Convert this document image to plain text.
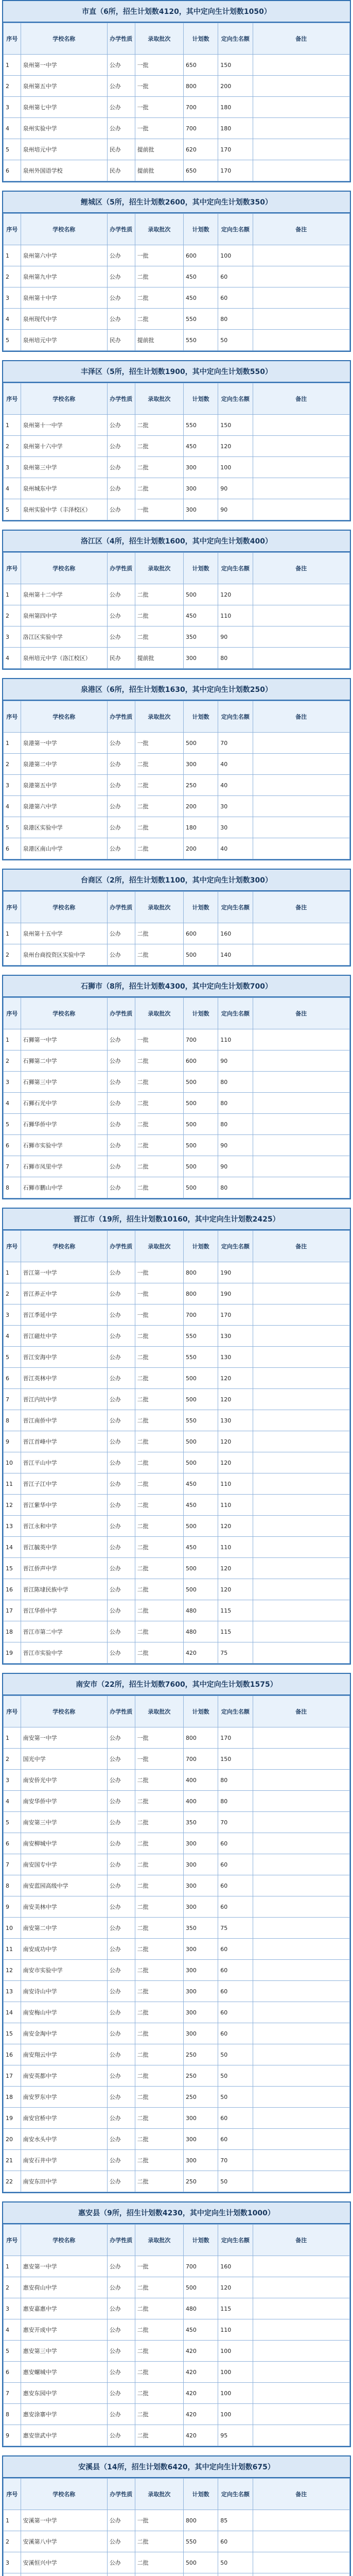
市直（6所，招生计划数4120，其中定向生计划数1050）
序号	学校名称	办学性质	录取批次	计划数	定向生名额	备注
1	泉州第一中学	公办	一批	650	150	
2	泉州第五中学	公办	一批	800	200	
3	泉州第七中学	公办	一批	700	180	
4	泉州实验中学	公办	一批	700	180	
5	泉州培元中学	民办	提前批	620	170	
6	泉州外国语学校	民办	提前批	650	170	
鲤城区（5所，招生计划数2600，其中定向生计划数350）
序号	学校名称	办学性质	录取批次	计划数	定向生名额	备注
1	泉州第六中学	公办	一批	600	100	
2	泉州第九中学	公办	二批	450	60	
3	泉州第十中学	公办	二批	450	60	
4	泉州现代中学	公办	二批	550	80	
5	泉州培元中学	民办	提前批	550	50	
丰泽区（5所，招生计划数1900，其中定向生计划数550）
序号	学校名称	办学性质	录取批次	计划数	定向生名额	备注
1	泉州第十一中学	公办	二批	550	150	
2	泉州第十六中学	公办	二批	450	120	
3	泉州第三中学	公办	二批	300	100	
4	泉州城东中学	公办	二批	300	90	
5	泉州实验中学（丰泽校区）	公办	一批	300	90	
洛江区（4所，招生计划数1600，其中定向生计划数400）
序号	学校名称	办学性质	录取批次	计划数	定向生名额	备注
1	泉州第十二中学	公办	二批	500	120	
2	泉州第四中学	公办	二批	450	110	
3	洛江区实验中学	公办	二批	350	90	
4	泉州培元中学（洛江校区）	民办	提前批	300	80	
泉港区（6所，招生计划数1630，其中定向生计划数250）
序号	学校名称	办学性质	录取批次	计划数	定向生名额	备注
1	泉港第一中学	公办	一批	500	70	
2	泉港第二中学	公办	二批	300	40	
3	泉港第五中学	公办	二批	250	40	
4	泉港第六中学	公办	二批	200	30	
5	泉港区实验中学	公办	二批	180	30	
6	泉港区南山中学	公办	二批	200	40	
台商区（2所，招生计划数1100，其中定向生计划数300）
序号	学校名称	办学性质	录取批次	计划数	定向生名额	备注
1	泉州第十五中学	公办	二批	600	160	
2	泉州台商投资区实验中学	公办	二批	500	140	
石狮市（8所，招生计划数4300，其中定向生计划数700）
序号	学校名称	办学性质	录取批次	计划数	定向生名额	备注
1	石狮第一中学	公办	一批	700	110	
2	石狮第二中学	公办	二批	600	90	
3	石狮第三中学	公办	二批	500	80	
4	石狮石光中学	公办	二批	500	80	
5	石狮华侨中学	公办	二批	500	80	
6	石狮市实验中学	公办	二批	500	90	
7	石狮市凤里中学	公办	二批	500	90	
8	石狮市鹏山中学	公办	二批	500	80	
晋江市（19所，招生计划数10160，其中定向生计划数2425）
序号	学校名称	办学性质	录取批次	计划数	定向生名额	备注
1	晋江第一中学	公办	一批	800	190	
2	晋江养正中学	公办	一批	800	190	
3	晋江季延中学	公办	一批	700	170	
4	晋江磁灶中学	公办	二批	550	130	
5	晋江安海中学	公办	二批	550	130	
6	晋江英林中学	公办	二批	500	120	
7	晋江内坑中学	公办	二批	500	120	
8	晋江南侨中学	公办	二批	550	130	
9	晋江首峰中学	公办	二批	500	120	
10	晋江平山中学	公办	二批	500	120	
11	晋江子江中学	公办	二批	450	110	
12	晋江紫华中学	公办	二批	450	110	
13	晋江永和中学	公办	二批	500	120	
14	晋江毓英中学	公办	二批	450	110	
15	晋江侨声中学	公办	二批	500	120	
16	晋江陈埭民族中学	公办	二批	500	120	
17	晋江华侨中学	公办	二批	480	115	
18	晋江市第二中学	公办	二批	480	115	
19	晋江市实验中学	公办	二批	420	75	
南安市（22所，招生计划数7600，其中定向生计划数1575）
序号	学校名称	办学性质	录取批次	计划数	定向生名额	备注
1	南安第一中学	公办	一批	800	170	
2	国光中学	公办	一批	700	150	
3	南安侨光中学	公办	二批	400	80	
4	南安华侨中学	公办	二批	400	80	
5	南安第三中学	公办	二批	350	70	
6	南安柳城中学	公办	二批	300	60	
7	南安国专中学	公办	二批	300	60	
8	南安蓝园高级中学	公办	二批	300	60	
9	南安美林中学	公办	二批	300	60	
10	南安第二中学	公办	二批	350	75	
11	南安成功中学	公办	二批	300	60	
12	南安市实验中学	公办	二批	300	60	
13	南安诗山中学	公办	二批	300	60	
14	南安梅山中学	公办	二批	300	60	
15	南安金淘中学	公办	二批	300	60	
16	南安翔云中学	公办	二批	250	50	
17	南安英都中学	公办	二批	250	50	
18	南安罗东中学	公办	二批	250	50	
19	南安官桥中学	公办	二批	300	60	
20	南安水头中学	公办	二批	300	60	
21	南安石井中学	公办	二批	300	70	
22	南安东田中学	公办	二批	250	50	
惠安县（9所，招生计划数4230，其中定向生计划数1000）
序号	学校名称	办学性质	录取批次	计划数	定向生名额	备注
1	惠安第一中学	公办	一批	700	160	
2	惠安荷山中学	公办	二批	500	120	
3	惠安嘉惠中学	公办	二批	480	115	
4	惠安开成中学	公办	二批	450	110	
5	惠安第三中学	公办	二批	420	100	
6	惠安螺城中学	公办	二批	420	100	
7	惠安东园中学	公办	二批	420	100	
8	惠安涂寨中学	公办	二批	420	100	
9	惠安崇武中学	公办	二批	420	95	
安溪县（14所，招生计划数6420，其中定向生计划数675）
序号	学校名称	办学性质	录取批次	计划数	定向生名额	备注
1	安溪第一中学	公办	一批	800	85	
2	安溪第八中学	公办	二批	550	60	
3	安溪恒兴中学	公办	二批	500	50	
